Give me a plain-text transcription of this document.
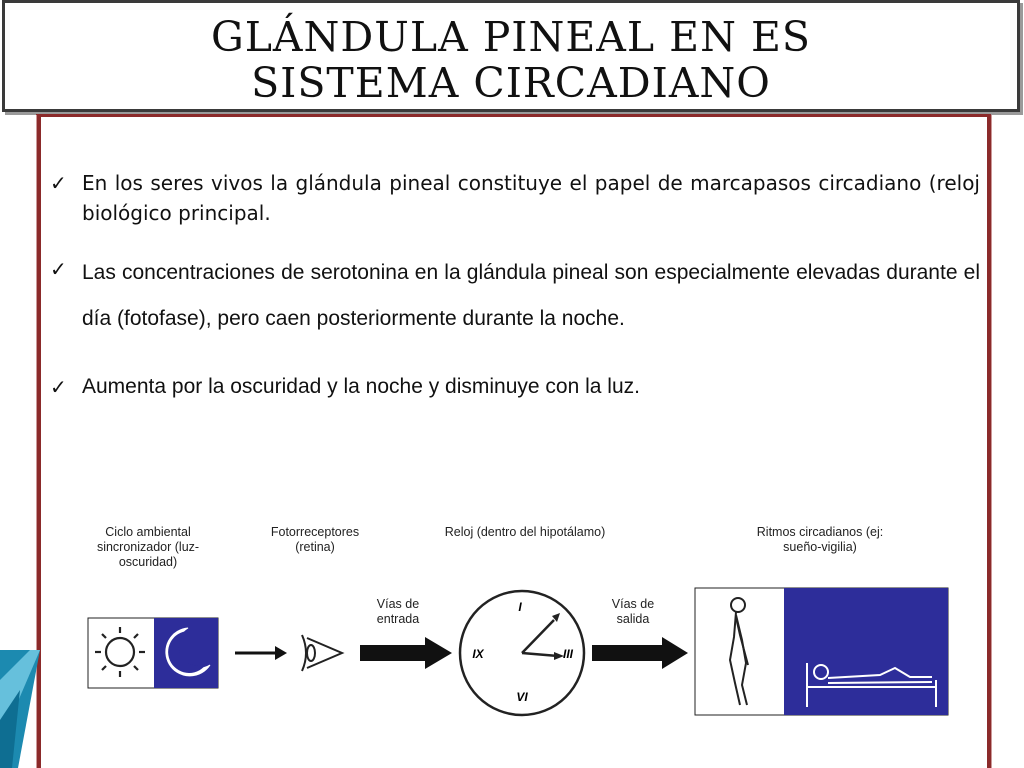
GLÁNDULA PINEAL EN ES
SISTEMA CIRCADIANO
✓ En los seres vivos la glándula pineal constituye el papel de marcapasos circadiano (reloj biológico principal.
✓ Las concentraciones de serotonina en la glándula pineal son especialmente elevadas durante el día (fotofase), pero caen posteriormente durante la noche.
✓ Aumenta por la oscuridad y la noche y disminuye con la luz.
Ciclo ambiental sincronizador (luz-oscuridad)
Fotorreceptores (retina)
Reloj (dentro del hipotálamo)	Ritmos circadianos (ej: sueño-vigilia)
Vías de entrada
Vías de salida
I
III
VI
IX
